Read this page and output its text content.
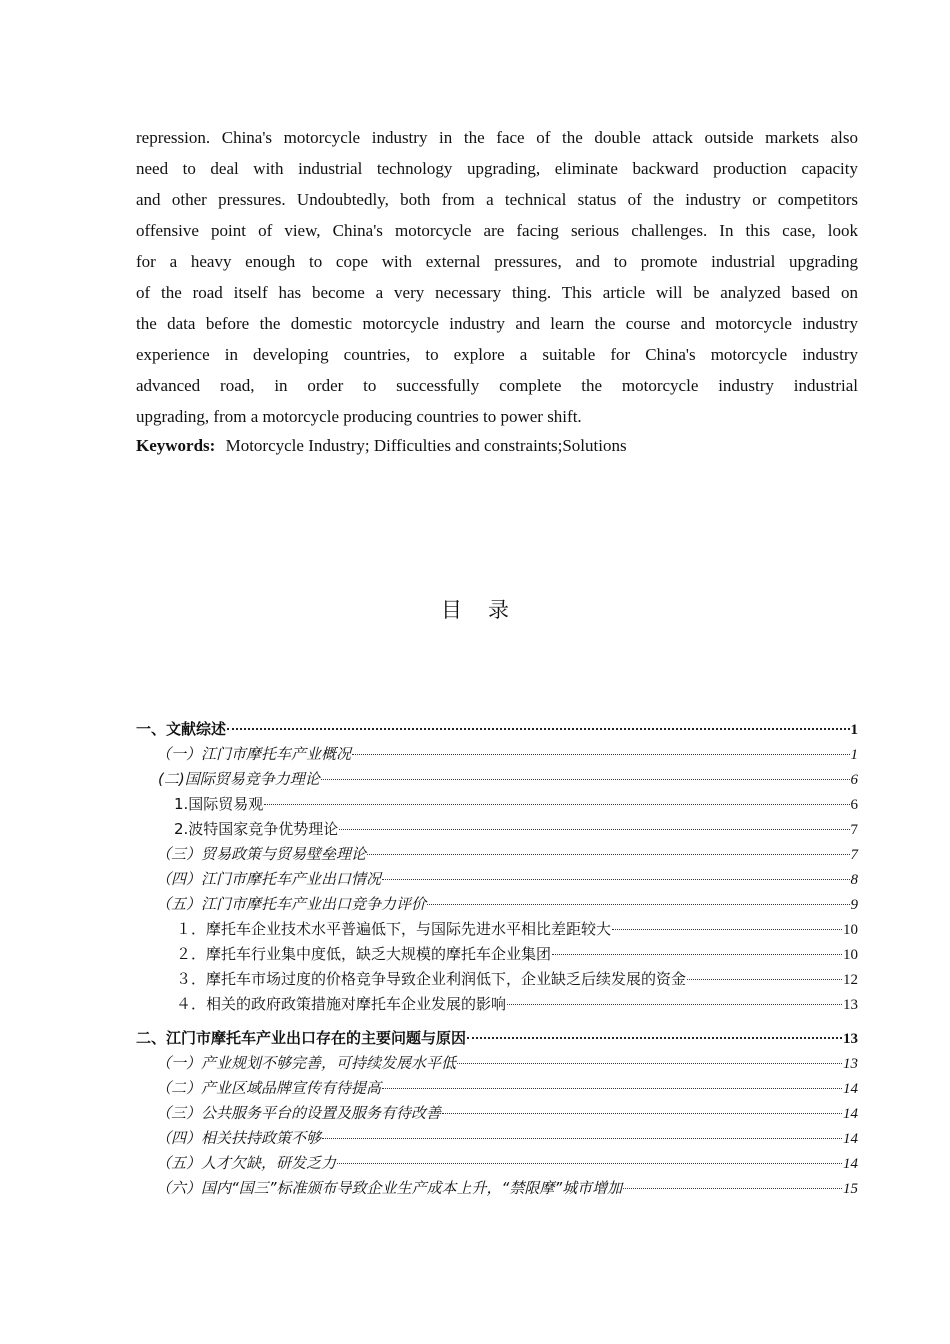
repression. China's motorcycle industry in the face of the double attack outside markets also
need to deal with industrial technology upgrading, eliminate backward production capacity
and other pressures. Undoubtedly, both from a technical status of the industry or competitors
offensive point of view, China's motorcycle are facing serious challenges. In this case, look
for a heavy enough to cope with external pressures, and to promote industrial upgrading
of the road itself has become a very necessary thing. This article will be analyzed based on
the data before the domestic motorcycle industry and learn the course and motorcycle industry
experience in developing countries, to explore a suitable for China's motorcycle industry
advanced road, in order to successfully complete the motorcycle industry industrial
upgrading, from a motorcycle producing countries to power shift.
Keywords: Motorcycle Industry; Difficulties and constraints;Solutions
目录
一、文献综述	1
（一）江门市摩托车产业概况	1
(二)国际贸易竞争力理论	6
1.国际贸易观	6
2.波特国家竞争优势理论	7
（三）贸易政策与贸易壁垒理论	7
（四）江门市摩托车产业出口情况	8
（五）江门市摩托车产业出口竞争力评价	9
１．摩托车企业技术水平普遍低下，与国际先进水平相比差距较大	10
２．摩托车行业集中度低，缺乏大规模的摩托车企业集团	10
３．摩托车市场过度的价格竞争导致企业利润低下，企业缺乏后续发展的资金	12
４．相关的政府政策措施对摩托车企业发展的影响	13
二、江门市摩托车产业出口存在的主要问题与原因	13
（一）产业规划不够完善，可持续发展水平低	13
（二）产业区域品牌宣传有待提高	14
（三）公共服务平台的设置及服务有待改善	14
（四）相关扶持政策不够	14
（五）人才欠缺，研发乏力	14
（六）国内“国三”标准颁布导致企业生产成本上升，“禁限摩”城市增加	15
